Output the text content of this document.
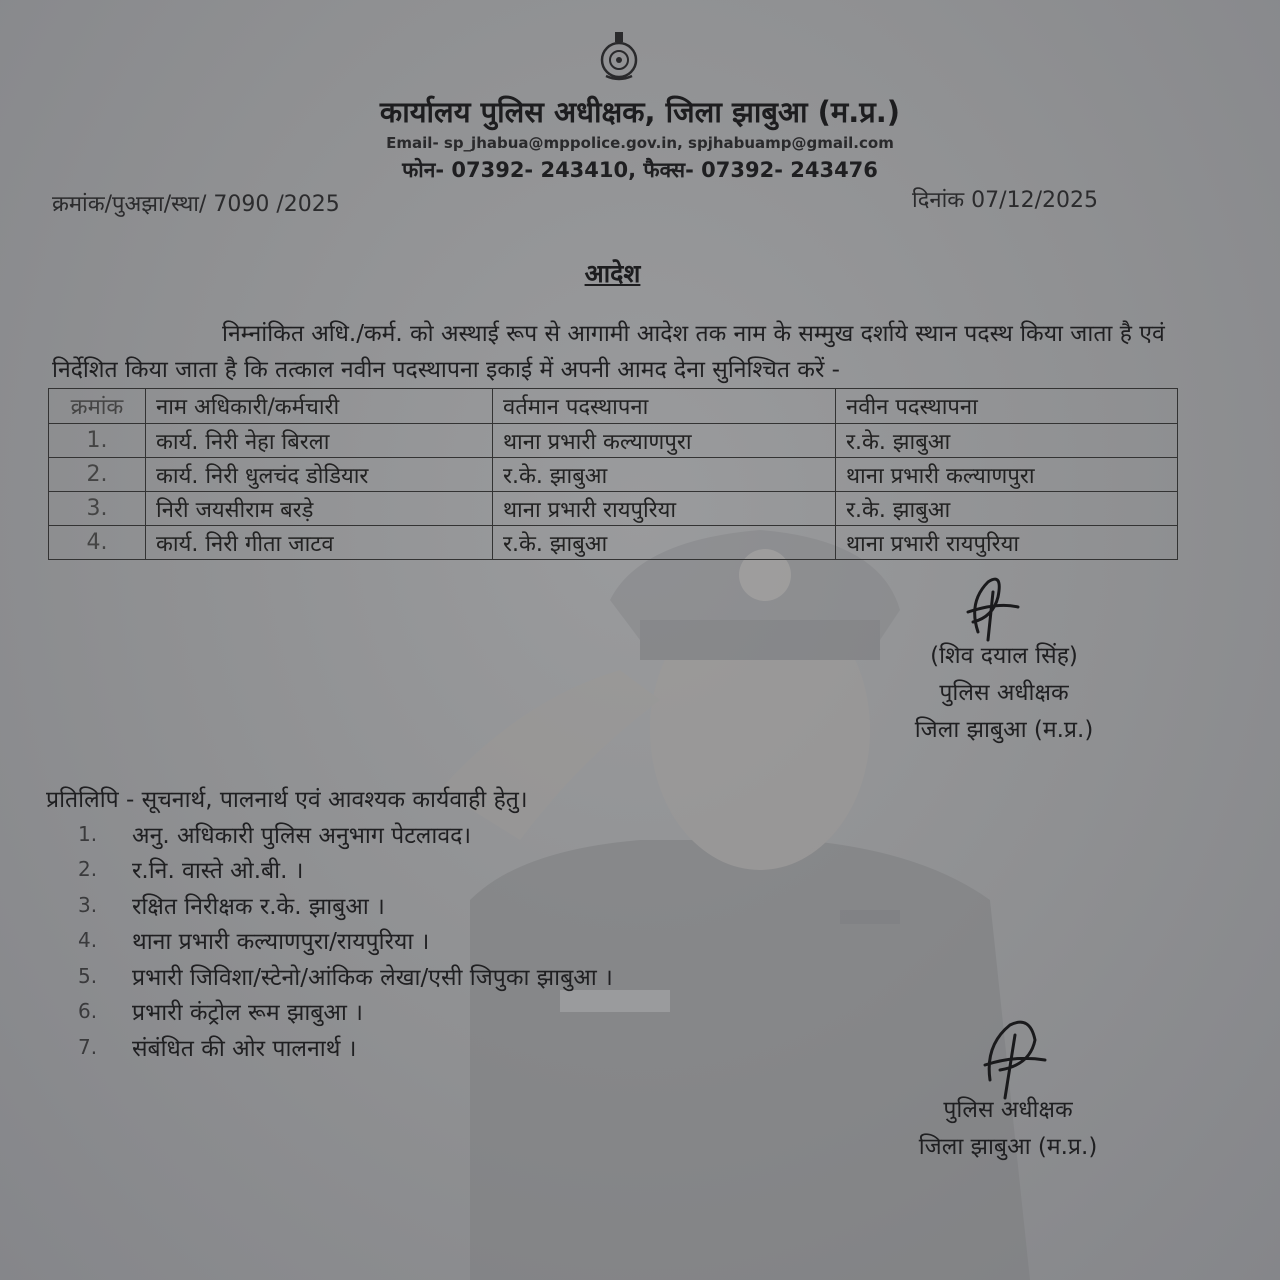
कार्यालय पुलिस अधीक्षक, जिला झाबुआ (म.प्र.)
Email- sp_jhabua@mppolice.gov.in, spjhabuamp@gmail.com
फोन- 07392- 243410, फैक्स- 07392- 243476
क्रमांक/पुअझा/स्था/ 7090 /2025	दिनांक 07/12/2025
आदेश
निम्नांकित अधि./कर्म. को अस्थाई रूप से आगामी आदेश तक नाम के सम्मुख दर्शाये स्थान पदस्थ किया जाता है एवं निर्देशित किया जाता है कि तत्काल नवीन पदस्थापना इकाई में अपनी आमद देना सुनिश्चित करें -
क्रमांक	नाम अधिकारी/कर्मचारी	वर्तमान पदस्थापना	नवीन पदस्थापना
1.	कार्य. निरी नेहा बिरला	थाना प्रभारी कल्याणपुरा	र.के. झाबुआ
2.	कार्य. निरी धुलचंद डोडियार	र.के. झाबुआ	थाना प्रभारी कल्याणपुरा
3.	निरी जयसीराम बरड़े	थाना प्रभारी रायपुरिया	र.के. झाबुआ
4.	कार्य. निरी गीता जाटव	र.के. झाबुआ	थाना प्रभारी रायपुरिया
(शिव दयाल सिंह)
पुलिस अधीक्षक
जिला झाबुआ (म.प्र.)
प्रतिलिपि - सूचनार्थ, पालनार्थ एवं आवश्यक कार्यवाही हेतु।
1.	अनु. अधिकारी पुलिस अनुभाग पेटलावद।
2.	र.नि. वास्ते ओ.बी. ।
3.	रक्षित निरीक्षक र.के. झाबुआ ।
4.	थाना प्रभारी कल्याणपुरा/रायपुरिया ।
5.	प्रभारी जिविशा/स्टेनो/आंकिक लेखा/एसी जिपुका झाबुआ ।
6.	प्रभारी कंट्रोल रूम झाबुआ ।
7.	संबंधित की ओर पालनार्थ ।
पुलिस अधीक्षक
जिला झाबुआ (म.प्र.)
